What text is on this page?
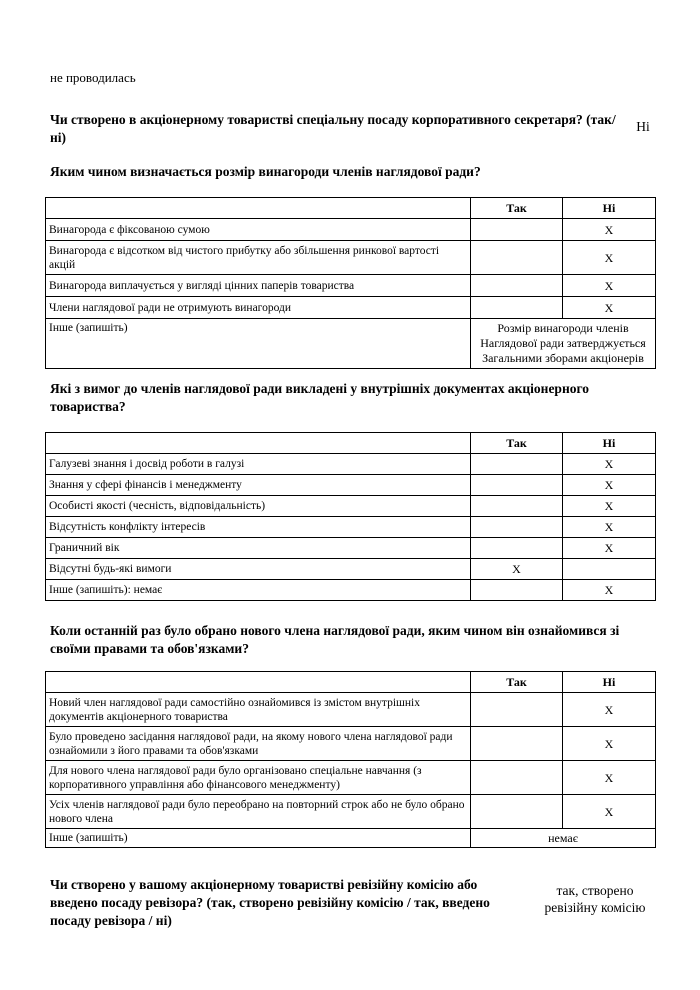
не проводилась
Чи створено в акціонерному товаристві спеціальну посаду корпоративного секретаря? (так/ні)
Ні
Яким чином визначається розмір винагороди членів наглядової ради?
	Так	Ні
Винагорода є фіксованою сумою		X
Винагорода є відсотком від чистого прибутку або збільшення ринкової вартості акцій		X
Винагорода виплачується у вигляді цінних паперів товариства		X
Члени наглядової ради не отримують винагороди		X
Інше (запишіть)	Розмір винагороди членів Наглядової ради затверджується Загальними зборами акціонерів	
Які з вимог до членів наглядової ради викладені у внутрішніх документах акціонерного товариства?
	Так	Ні
Галузеві знання і досвід роботи в галузі		X
Знання у сфері фінансів і менеджменту		X
Особисті якості (чесність, відповідальність)		X
Відсутність конфлікту інтересів		X
Граничний вік		X
Відсутні будь-які вимоги	X	
Інше (запишіть): немає		X
Коли останній раз було обрано нового члена наглядової ради, яким чином він ознайомився зі своїми правами та обов'язками?
	Так	Ні
Новий член наглядової ради самостійно ознайомився із змістом внутрішніх документів акціонерного товариства		X
Було проведено засідання наглядової ради, на якому нового члена наглядової ради ознайомили з його правами та обов'язками		X
Для нового члена наглядової ради було організовано спеціальне навчання (з корпоративного управління або фінансового менеджменту)		X
Усіх членів наглядової ради було переобрано на повторний строк або не було обрано нового члена		X
Інше (запишіть)	немає	
Чи створено у вашому акціонерному товаристві ревізійну комісію або введено посаду ревізора? (так, створено ревізійну комісію / так, введено посаду ревізора / ні)
так, створено ревізійну комісію
